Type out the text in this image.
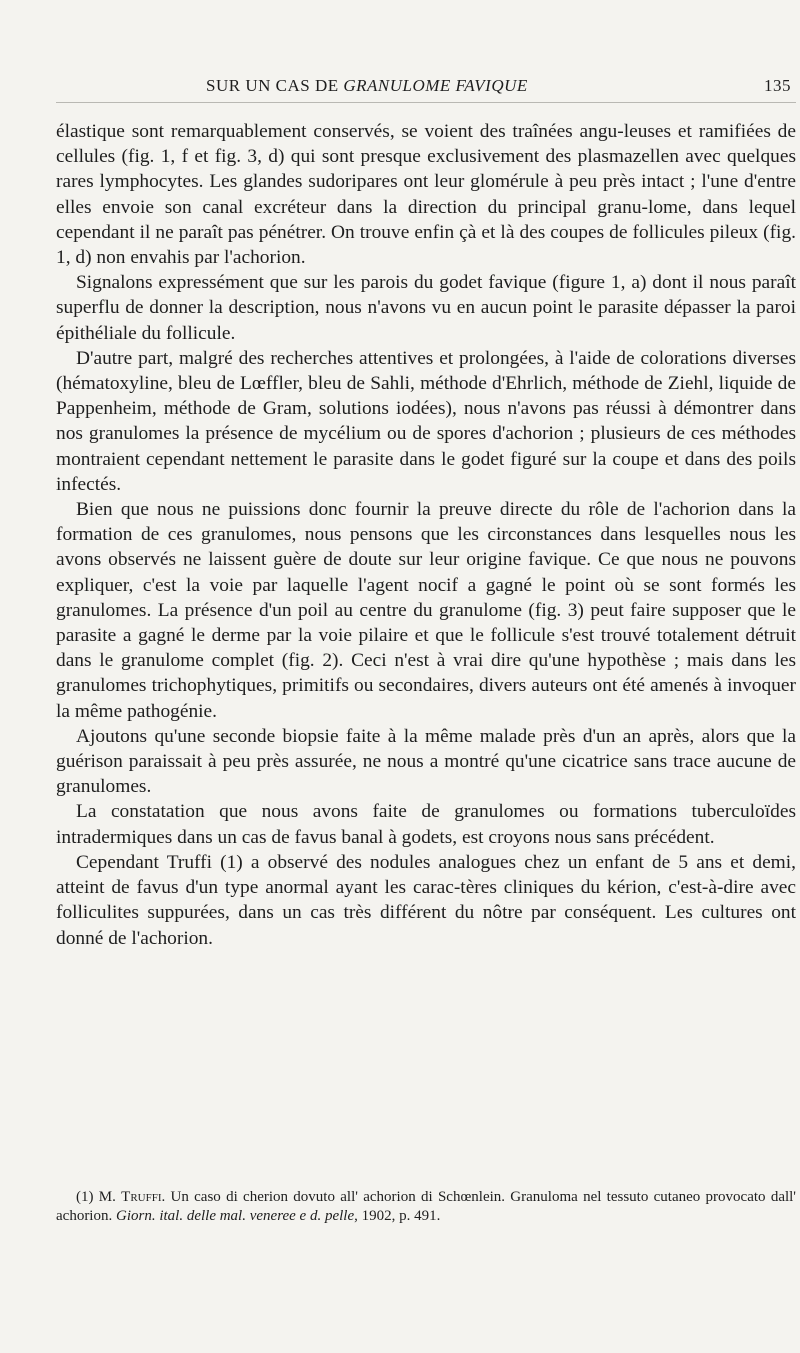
SUR UN CAS DE GRANULOME FAVIQUE	135

élastique sont remarquablement conservés, se voient des traînées angu-leuses et ramifiées de cellules (fig. 1, f et fig. 3, d) qui sont presque exclusivement des plasmazellen avec quelques rares lymphocytes. Les glandes sudoripares ont leur glomérule à peu près intact ; l'une d'entre elles envoie son canal excréteur dans la direction du principal granu-lome, dans lequel cependant il ne paraît pas pénétrer. On trouve enfin çà et là des coupes de follicules pileux (fig. 1, d) non envahis par l'achorion.

Signalons expressément que sur les parois du godet favique (figure 1, a) dont il nous paraît superflu de donner la description, nous n'avons vu en aucun point le parasite dépasser la paroi épithéliale du follicule.

D'autre part, malgré des recherches attentives et prolongées, à l'aide de colorations diverses (hématoxyline, bleu de Lœffler, bleu de Sahli, méthode d'Ehrlich, méthode de Ziehl, liquide de Pappenheim, méthode de Gram, solutions iodées), nous n'avons pas réussi à démontrer dans nos granulomes la présence de mycélium ou de spores d'achorion ; plusieurs de ces méthodes montraient cependant nettement le parasite dans le godet figuré sur la coupe et dans des poils infectés.

Bien que nous ne puissions donc fournir la preuve directe du rôle de l'achorion dans la formation de ces granulomes, nous pensons que les circonstances dans lesquelles nous les avons observés ne laissent guère de doute sur leur origine favique. Ce que nous ne pouvons expliquer, c'est la voie par laquelle l'agent nocif a gagné le point où se sont formés les granulomes. La présence d'un poil au centre du granulome (fig. 3) peut faire supposer que le parasite a gagné le derme par la voie pilaire et que le follicule s'est trouvé totalement détruit dans le granulome complet (fig. 2). Ceci n'est à vrai dire qu'une hypothèse ; mais dans les granulomes trichophytiques, primitifs ou secondaires, divers auteurs ont été amenés à invoquer la même pathogénie.

Ajoutons qu'une seconde biopsie faite à la même malade près d'un an après, alors que la guérison paraissait à peu près assurée, ne nous a montré qu'une cicatrice sans trace aucune de granulomes.

La constatation que nous avons faite de granulomes ou formations tuberculoïdes intradermiques dans un cas de favus banal à godets, est croyons nous sans précédent.

Cependant Truffi (1) a observé des nodules analogues chez un enfant de 5 ans et demi, atteint de favus d'un type anormal ayant les carac-tères cliniques du kérion, c'est-à-dire avec folliculites suppurées, dans un cas très différent du nôtre par conséquent. Les cultures ont donné de l'achorion.

(1) M. Truffi. Un caso di cherion dovuto all' achorion di Schœnlein. Granuloma nel tessuto cutaneo provocato dall' achorion. Giorn. ital. delle mal. veneree e d. pelle, 1902, p. 491.
